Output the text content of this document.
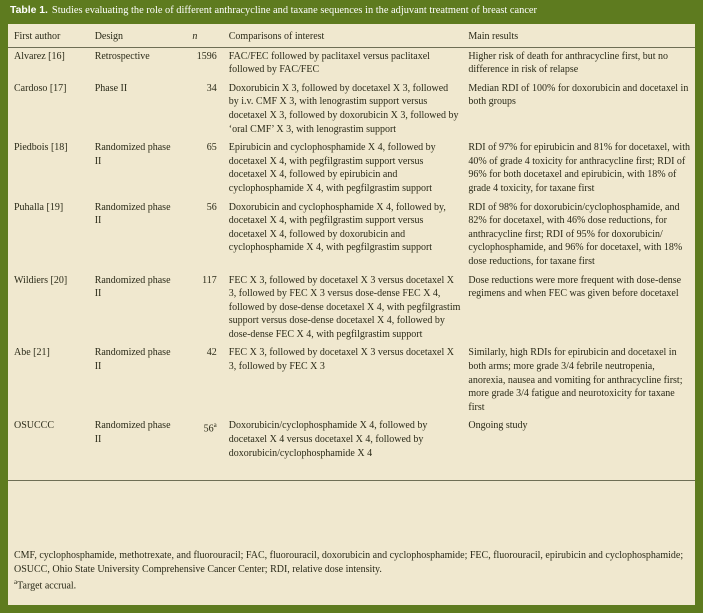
Table 1. Studies evaluating the role of different anthracycline and taxane sequences in the adjuvant treatment of breast cancer
First author	Design	n	Comparisons of interest	Main results
Alvarez [16]	Retrospective	1596	FAC/FEC followed by paclitaxel versus paclitaxel followed by FAC/FEC	Higher risk of death for anthracycline first, but no difference in risk of relapse
Cardoso [17]	Phase II	34	Doxorubicin X 3, followed by docetaxel X 3, followed by i.v. CMF X 3, with lenograstim support versus docetaxel X 3, followed by doxorubicin X 3, followed by ‘oral CMF’ X 3, with lenograstim support	Median RDI of 100% for doxorubicin and docetaxel in both groups
Piedbois [18]	Randomized phase II	65	Epirubicin and cyclophosphamide X 4, followed by docetaxel X 4, with pegfilgrastim support versus docetaxel X 4, followed by epirubicin and cyclophosphamide X 4, with pegfilgrastim support	RDI of 97% for epirubicin and 81% for docetaxel, with 40% of grade 4 toxicity for anthracycline first; RDI of 96% for both docetaxel and epirubicin, with 18% of grade 4 toxicity, for taxane first
Puhalla [19]	Randomized phase II	56	Doxorubicin and cyclophosphamide X 4, followed by, docetaxel X 4, with pegfilgrastim support versus docetaxel X 4, followed by doxorubicin and cyclophosphamide X 4, with pegfilgrastim support	RDI of 98% for doxorubicin/cyclophosphamide, and 82% for docetaxel, with 46% dose reductions, for anthracycline first; RDI of 95% for doxorubicin/ cyclophosphamide, and 96% for docetaxel, with 18% dose reductions, for taxane first
Wildiers [20]	Randomized phase II	117	FEC X 3, followed by docetaxel X 3 versus docetaxel X 3, followed by FEC X 3 versus dose-dense FEC X 4, followed by dose-dense docetaxel X 4, with pegfilgrastim support versus dose-dense docetaxel X 4, followed by dose-dense FEC X 4, with pegfilgrastim support	Dose reductions were more frequent with dose-dense regimens and when FEC was given before docetaxel
Abe [21]	Randomized phase II	42	FEC X 3, followed by docetaxel X 3 versus docetaxel X 3, followed by FEC X 3	Similarly, high RDIs for epirubicin and docetaxel in both arms; more grade 3/4 febrile neutropenia, anorexia, nausea and vomiting for anthracycline first; more grade 3/4 fatigue and neurotoxicity for taxane first
OSUCCC	Randomized phase II	56$^a$	Doxorubicin/cyclophosphamide X 4, followed by docetaxel X 4 versus docetaxel X 4, followed by doxorubicin/cyclophosphamide X 4	Ongoing study
CMF, cyclophosphamide, methotrexate, and fluorouracil; FAC, fluorouracil, doxorubicin and cyclophosphamide; FEC, fluorouracil, epirubicin and cyclophosphamide; OSUCC, Ohio State University Comprehensive Cancer Center; RDI, relative dose intensity.
$^a$Target accrual.
